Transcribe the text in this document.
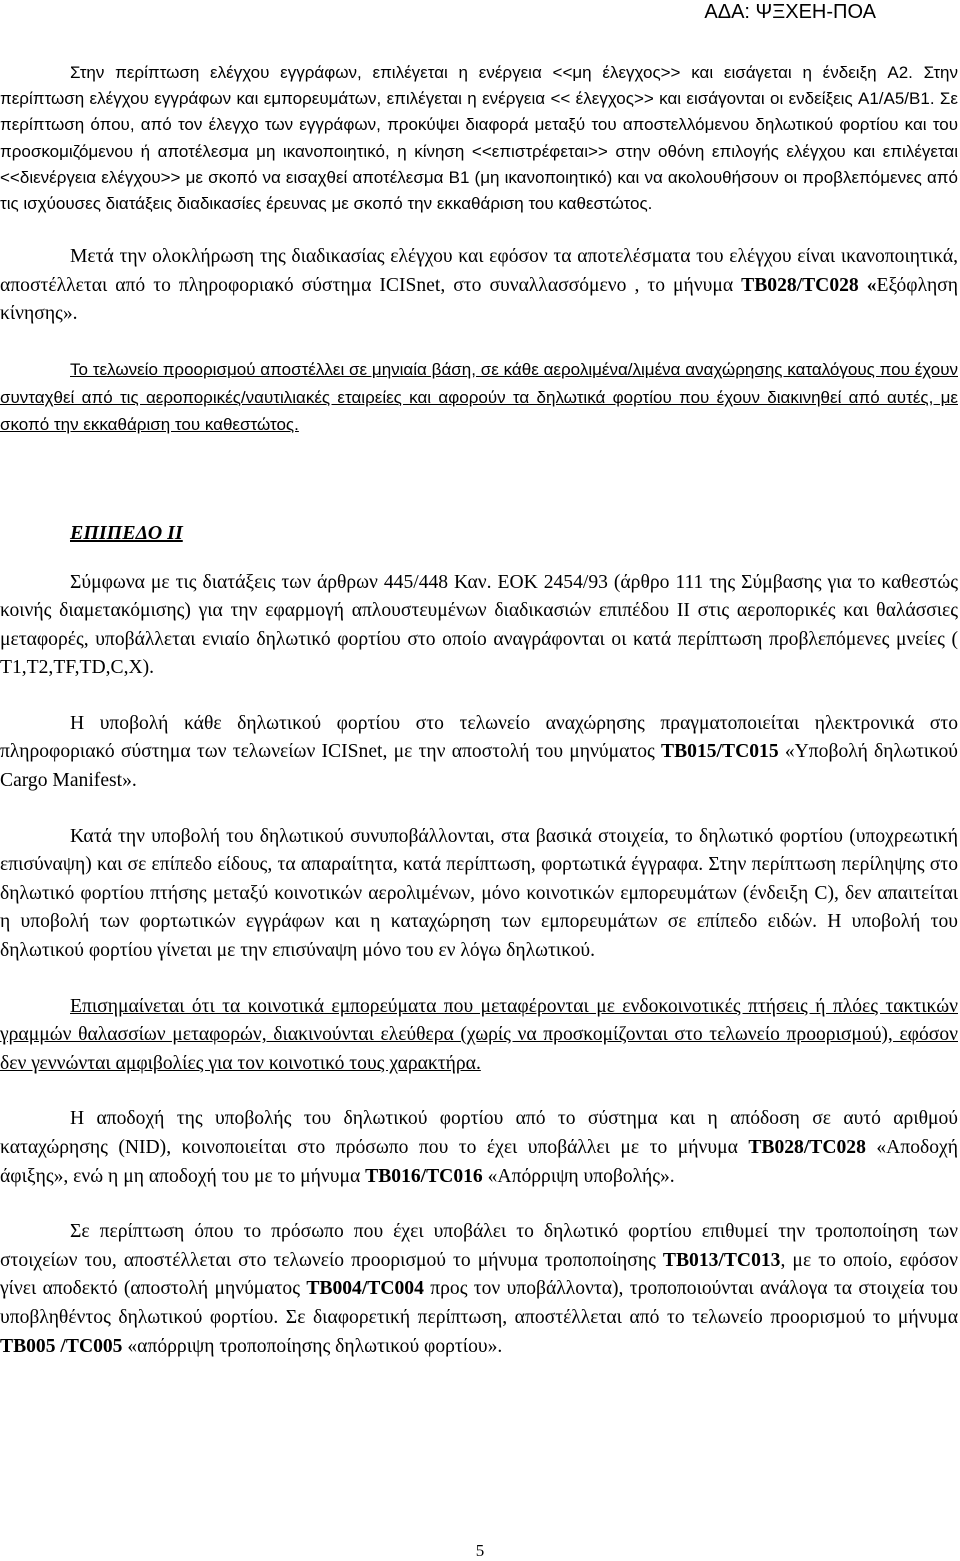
ΑΔΑ: ΨΞΧΕΗ-ΠΟΑ

Στην περίπτωση ελέγχου εγγράφων, επιλέγεται η ενέργεια <<μη έλεγχος>> και εισάγεται η ένδειξη A2. Στην περίπτωση ελέγχου εγγράφων και εμπορευμάτων, επιλέγεται η ενέργεια << έλεγχος>> και εισάγονται οι ενδείξεις A1/A5/B1. Σε περίπτωση όπου, από τον έλεγχο των εγγράφων, προκύψει διαφορά μεταξύ του αποστελλόμενου δηλωτικού φορτίου και του προσκομιζόμενου ή αποτέλεσμα μη ικανοποιητικό, η κίνηση <<επιστρέφεται>> στην οθόνη επιλογής ελέγχου και επιλέγεται <<διενέργεια ελέγχου>> με σκοπό να εισαχθεί αποτέλεσμα Β1 (μη ικανοποιητικό) και να ακολουθήσουν οι προβλεπόμενες από τις ισχύουσες διατάξεις διαδικασίες έρευνας με σκοπό την εκκαθάριση του καθεστώτος.

Μετά την ολοκλήρωση της διαδικασίας ελέγχου και εφόσον τα αποτελέσματα του ελέγχου είναι ικανοποιητικά, αποστέλλεται από το πληροφοριακό σύστημα ICISnet, στο συναλλασσόμενο , το μήνυμα TB028/TC028 «Εξόφληση κίνησης».

Το τελωνείο προορισμού αποστέλλει σε μηνιαία βάση, σε κάθε αερολιμένα/λιμένα αναχώρησης καταλόγους που έχουν συνταχθεί από τις αεροπορικές/ναυτιλιακές εταιρείες και αφορούν τα δηλωτικά φορτίου που έχουν διακινηθεί από αυτές, με σκοπό την εκκαθάριση του καθεστώτος.

ΕΠΙΠΕΔΟ ΙΙ

Σύμφωνα με τις διατάξεις των άρθρων 445/448 Καν. ΕΟΚ 2454/93 (άρθρο 111 της Σύμβασης για το καθεστώς κοινής διαμετακόμισης) για την εφαρμογή απλουστευμένων διαδικασιών επιπέδου ΙΙ στις αεροπορικές και θαλάσσιες μεταφορές, υποβάλλεται ενιαίο δηλωτικό φορτίου στο οποίο αναγράφονται οι κατά περίπτωση προβλεπόμενες μνείες ( T1,T2,TF,TD,C,X).

Η υποβολή κάθε δηλωτικού φορτίου στο τελωνείο αναχώρησης πραγματοποιείται ηλεκτρονικά στο πληροφοριακό σύστημα των τελωνείων ICISnet, με την αποστολή του μηνύματος TB015/TC015 «Υποβολή δηλωτικού Cargo Manifest».

Κατά την υποβολή του δηλωτικού συνυποβάλλονται, στα βασικά στοιχεία, το δηλωτικό φορτίου (υποχρεωτική επισύναψη) και σε επίπεδο είδους, τα απαραίτητα, κατά περίπτωση, φορτωτικά έγγραφα. Στην περίπτωση περίληψης στο δηλωτικό φορτίου πτήσης μεταξύ κοινοτικών αερολιμένων, μόνο κοινοτικών εμπορευμάτων (ένδειξη C), δεν απαιτείται η υποβολή των φορτωτικών εγγράφων και η καταχώρηση των εμπορευμάτων σε επίπεδο ειδών. Η υποβολή του δηλωτικού φορτίου γίνεται με την επισύναψη μόνο του εν λόγω δηλωτικού.

Επισημαίνεται ότι τα κοινοτικά εμπορεύματα που μεταφέρονται με ενδοκοινοτικές πτήσεις ή πλόες τακτικών γραμμών θαλασσίων μεταφορών, διακινούνται ελεύθερα (χωρίς να προσκομίζονται στο τελωνείο προορισμού), εφόσον δεν γεννώνται αμφιβολίες για τον κοινοτικό τους χαρακτήρα.

Η αποδοχή της υποβολής του δηλωτικού φορτίου από το σύστημα και η απόδοση σε αυτό αριθμού καταχώρησης (NID), κοινοποιείται στο πρόσωπο που το έχει υποβάλλει με το μήνυμα TB028/TC028 «Αποδοχή άφιξης», ενώ η μη αποδοχή του με το μήνυμα TB016/TC016 «Απόρριψη υποβολής».

Σε περίπτωση όπου το πρόσωπο που έχει υποβάλει το δηλωτικό φορτίου επιθυμεί την τροποποίηση των στοιχείων του, αποστέλλεται στο τελωνείο προορισμού το μήνυμα τροποποίησης TB013/TC013, με το οποίο, εφόσον γίνει αποδεκτό (αποστολή μηνύματος TB004/TC004 προς τον υποβάλλοντα), τροποποιούνται ανάλογα τα στοιχεία του υποβληθέντος δηλωτικού φορτίου. Σε διαφορετική περίπτωση, αποστέλλεται από το τελωνείο προορισμού το μήνυμα TB005 /TC005 «απόρριψη τροποποίησης δηλωτικού φορτίου».

5
